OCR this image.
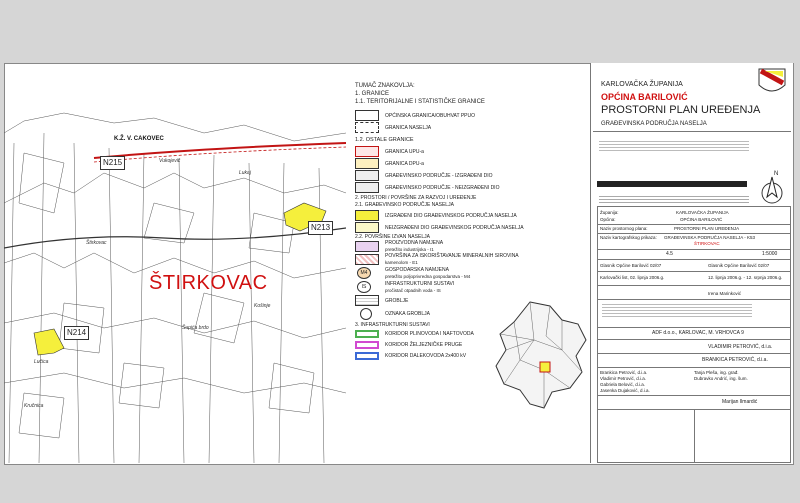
K.Ž. V. CAKOVEC
N215
N213
N214
ŠTIRKOVAC
Štirkovac
Lukaj
Šupića brdo
Lučica
Vukojević
Košinje
Kručnica
TUMAČ ZNAKOVLJA:
1. GRANICE
1.1. TERITORIJALNE I STATISTIČKE GRANICE
OPĆINSKA GRANICA/OBUHVAT PPUO
GRANICA NASELJA
1.2. OSTALE GRANICE
GRANICA UPU-a
GRANICA DPU-a
GRAĐEVINSKO PODRUČJE - IZGRAĐENI DIO
GRAĐEVINSKO PODRUČJE - NEIZGRAĐENI DIO
2. PROSTORI / POVRŠINE ZA RAZVOJ I UREĐENJE
2.1. GRAĐEVINSKO PODRUČJE NASELJA
IZGRAĐENI DIO GRAĐEVINSKOG PODRUČJA NASELJA
NEIZGRAĐENI DIO GRAĐEVINSKOG PODRUČJA NASELJA
2.2. POVRŠINE IZVAN NASELJA
PROIZVODNA NAMJENA
pretežito industrijska - I1
POVRŠINA ZA ISKORIŠTAVANJE MINERALNIH SIROVINA
kamenolom - E1
M4	GOSPODARSKA NAMJENA
pretežito poljoprivredna gospodarstva - M4
IS	INFRASTRUKTURNI SUSTAVI
pročistač otpadnih voda - IS
GROBLJE
OZNAKA GROBLJA
3. INFRASTRUKTURNI SUSTAVI
KORIDOR PLINOVODA I NAFTOVODA
KORIDOR ŽELJEZNIČKE PRUGE
KORIDOR DALEKOVODA 2x400 kV
KARLOVAČKA ŽUPANIJA
OPĆINA BARILOVIĆ
PROSTORNI PLAN UREĐENJA
GRAĐEVINSKA PODRUČJA NASELJA
N
Županija:	KARLOVAČKA ŽUPANIJA
Općina:	OPĆINA BARILOVIĆ
Naziv prostornog plana:	PROSTORNI PLAN UREĐENJA
Naziv kartografskog prikaza: GRAĐEVINSKA PODRUČJA NASELJA - K53
ŠTIRKOVAC
4.5	1:5000
Glasnik Općine Barilović 02/07	Glasnik Općine Barilović 02/07
Karlovački list, 02. lipnja 2006.g.	12. lipnja 2006.g. - 12. srpnja 2006.g.
Irena Marinković
ADF d.o.o., KARLOVAC, M. VRHOVCA 9
VLADIMIR PETROVIĆ, d.i.a.
BRANKICA PETROVIĆ, d.i.a.
Brankica Petrović, d.i.a.
Vladimir Petrović, d.i.a.
Gabriela Belović, d.i.a.
Jasenka Dujaković, d.i.a.
Tanja Pleša, ing. građ.
Dubravko Andrić, ing. šum.
Marijan Ilmardić
